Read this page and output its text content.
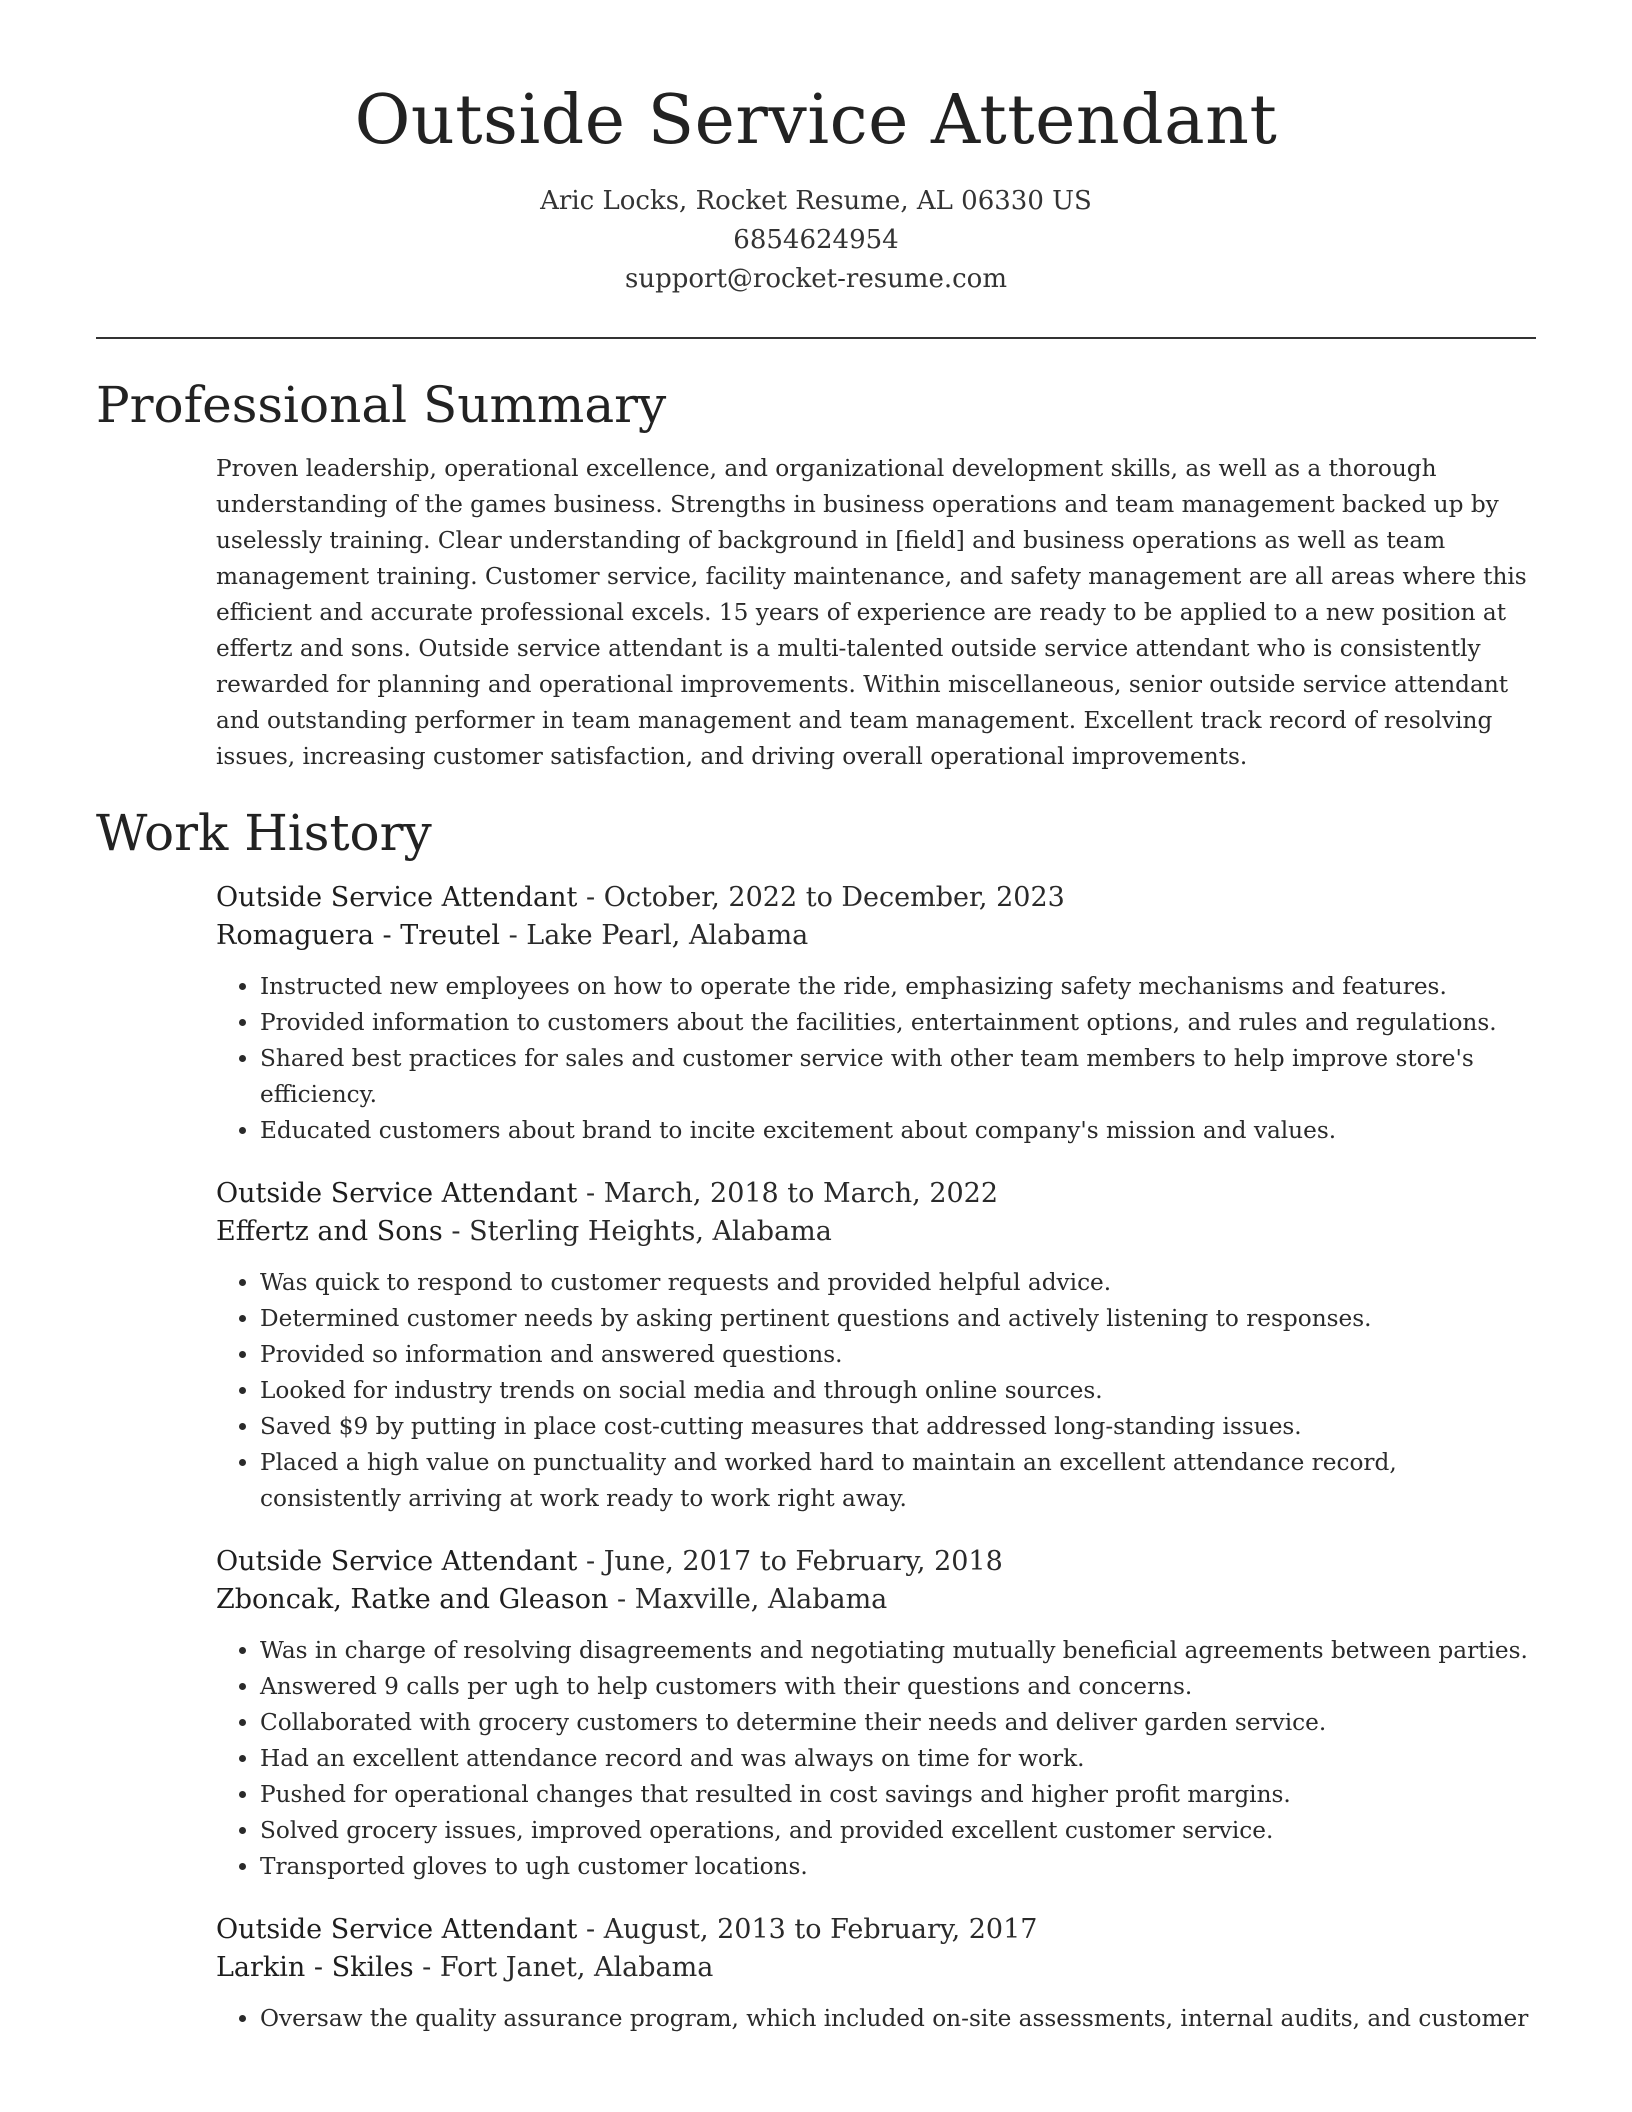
Outside Service Attendant
Aric Locks, Rocket Resume, AL 06330 US
6854624954
support@rocket-resume.com
Professional Summary

Proven leadership, operational excellence, and organizational development skills, as well as a thorough understanding of the games business. Strengths in business operations and team management backed up by uselessly training. Clear understanding of background in [field] and business operations as well as team management training. Customer service, facility maintenance, and safety management are all areas where this efficient and accurate professional excels. 15 years of experience are ready to be applied to a new position at effertz and sons. Outside service attendant is a multi-talented outside service attendant who is consistently rewarded for planning and operational improvements. Within miscellaneous, senior outside service attendant and outstanding performer in team management and team management. Excellent track record of resolving issues, increasing customer satisfaction, and driving overall operational improvements.

Work History
Outside Service Attendant - October, 2022 to December, 2023
Romaguera - Treutel - Lake Pearl, Alabama
• Instructed new employees on how to operate the ride, emphasizing safety mechanisms and features.
• Provided information to customers about the facilities, entertainment options, and rules and regulations.
• Shared best practices for sales and customer service with other team members to help improve store's efficiency.
• Educated customers about brand to incite excitement about company's mission and values.
Outside Service Attendant - March, 2018 to March, 2022
Effertz and Sons - Sterling Heights, Alabama
• Was quick to respond to customer requests and provided helpful advice.
• Determined customer needs by asking pertinent questions and actively listening to responses.
• Provided so information and answered questions.
• Looked for industry trends on social media and through online sources.
• Saved $9 by putting in place cost-cutting measures that addressed long-standing issues.
• Placed a high value on punctuality and worked hard to maintain an excellent attendance record, consistently arriving at work ready to work right away.
Outside Service Attendant - June, 2017 to February, 2018
Zboncak, Ratke and Gleason - Maxville, Alabama
• Was in charge of resolving disagreements and negotiating mutually beneficial agreements between parties.
• Answered 9 calls per ugh to help customers with their questions and concerns.
• Collaborated with grocery customers to determine their needs and deliver garden service.
• Had an excellent attendance record and was always on time for work.
• Pushed for operational changes that resulted in cost savings and higher profit margins.
• Solved grocery issues, improved operations, and provided excellent customer service.
• Transported gloves to ugh customer locations.
Outside Service Attendant - August, 2013 to February, 2017
Larkin - Skiles - Fort Janet, Alabama
• Oversaw the quality assurance program, which included on-site assessments, internal audits, and customer
